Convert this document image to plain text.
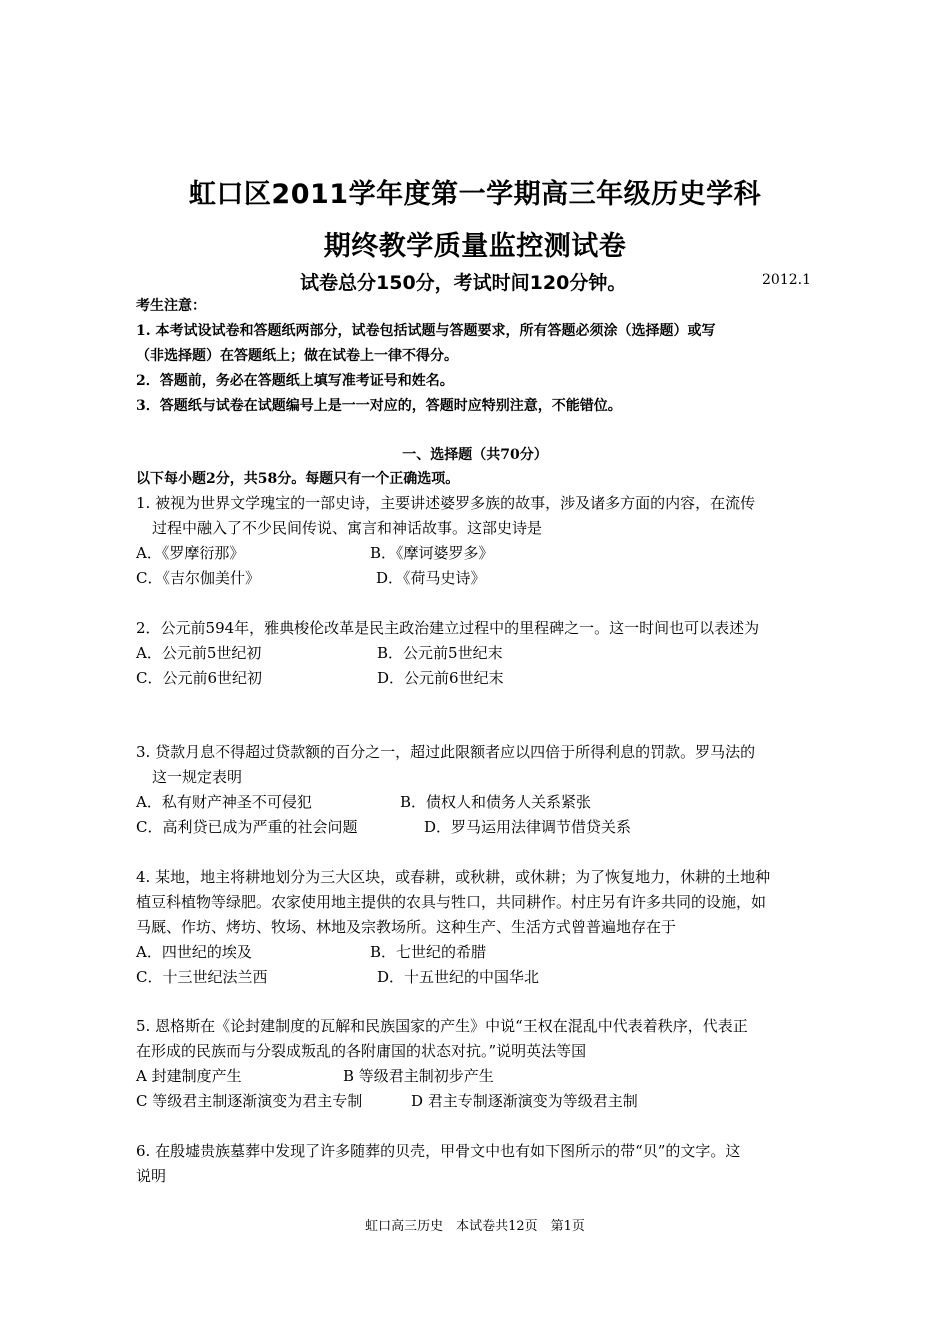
虹口区2011学年度第一学期高三年级历史学科
期终教学质量监控测试卷
试卷总分150分，考试时间120分钟。	2012.1
考生注意：
1. 本考试设试卷和答题纸两部分，试卷包括试题与答题要求，所有答题必须涂（选择题）或写
（非选择题）在答题纸上；做在试卷上一律不得分。
2．答题前，务必在答题纸上填写准考证号和姓名。
3．答题纸与试卷在试题编号上是一一对应的，答题时应特别注意，不能错位。
一、选择题（共70分）
以下每小题2分，共58分。每题只有一个正确选项。
1. 被视为世界文学瑰宝的一部史诗，主要讲述婆罗多族的故事，涉及诸多方面的内容，在流传
过程中融入了不少民间传说、寓言和神话故事。这部史诗是
A．《罗摩衍那》	B．《摩诃婆罗多》
C．《吉尔伽美什》	D．《荷马史诗》
2．公元前594年，雅典梭伦改革是民主政治建立过程中的里程碑之一。这一时间也可以表述为
A．公元前5世纪初	B．公元前5世纪末
C．公元前6世纪初	D．公元前6世纪末
3. 贷款月息不得超过贷款额的百分之一，超过此限额者应以四倍于所得利息的罚款。罗马法的
这一规定表明
A．私有财产神圣不可侵犯	B．债权人和债务人关系紧张
C．高利贷已成为严重的社会问题	D．罗马运用法律调节借贷关系
4. 某地，地主将耕地划分为三大区块，或春耕，或秋耕，或休耕；为了恢复地力，休耕的土地种
植豆科植物等绿肥。农家使用地主提供的农具与牲口，共同耕作。村庄另有许多共同的设施，如
马厩、作坊、烤坊、牧场、林地及宗教场所。这种生产、生活方式曾普遍地存在于
A．四世纪的埃及	B．七世纪的希腊
C．十三世纪法兰西	D．十五世纪的中国华北
5. 恩格斯在《论封建制度的瓦解和民族国家的产生》中说“王权在混乱中代表着秩序，代表正
在形成的民族而与分裂成叛乱的各附庸国的状态对抗。”说明英法等国
A 封建制度产生	B 等级君主制初步产生
C 等级君主制逐渐演变为君主专制	D 君主专制逐渐演变为等级君主制
6. 在殷墟贵族墓葬中发现了许多随葬的贝壳，甲骨文中也有如下图所示的带“贝”的文字。这
说明
虹口高三历史　本试卷共12页　第1页
